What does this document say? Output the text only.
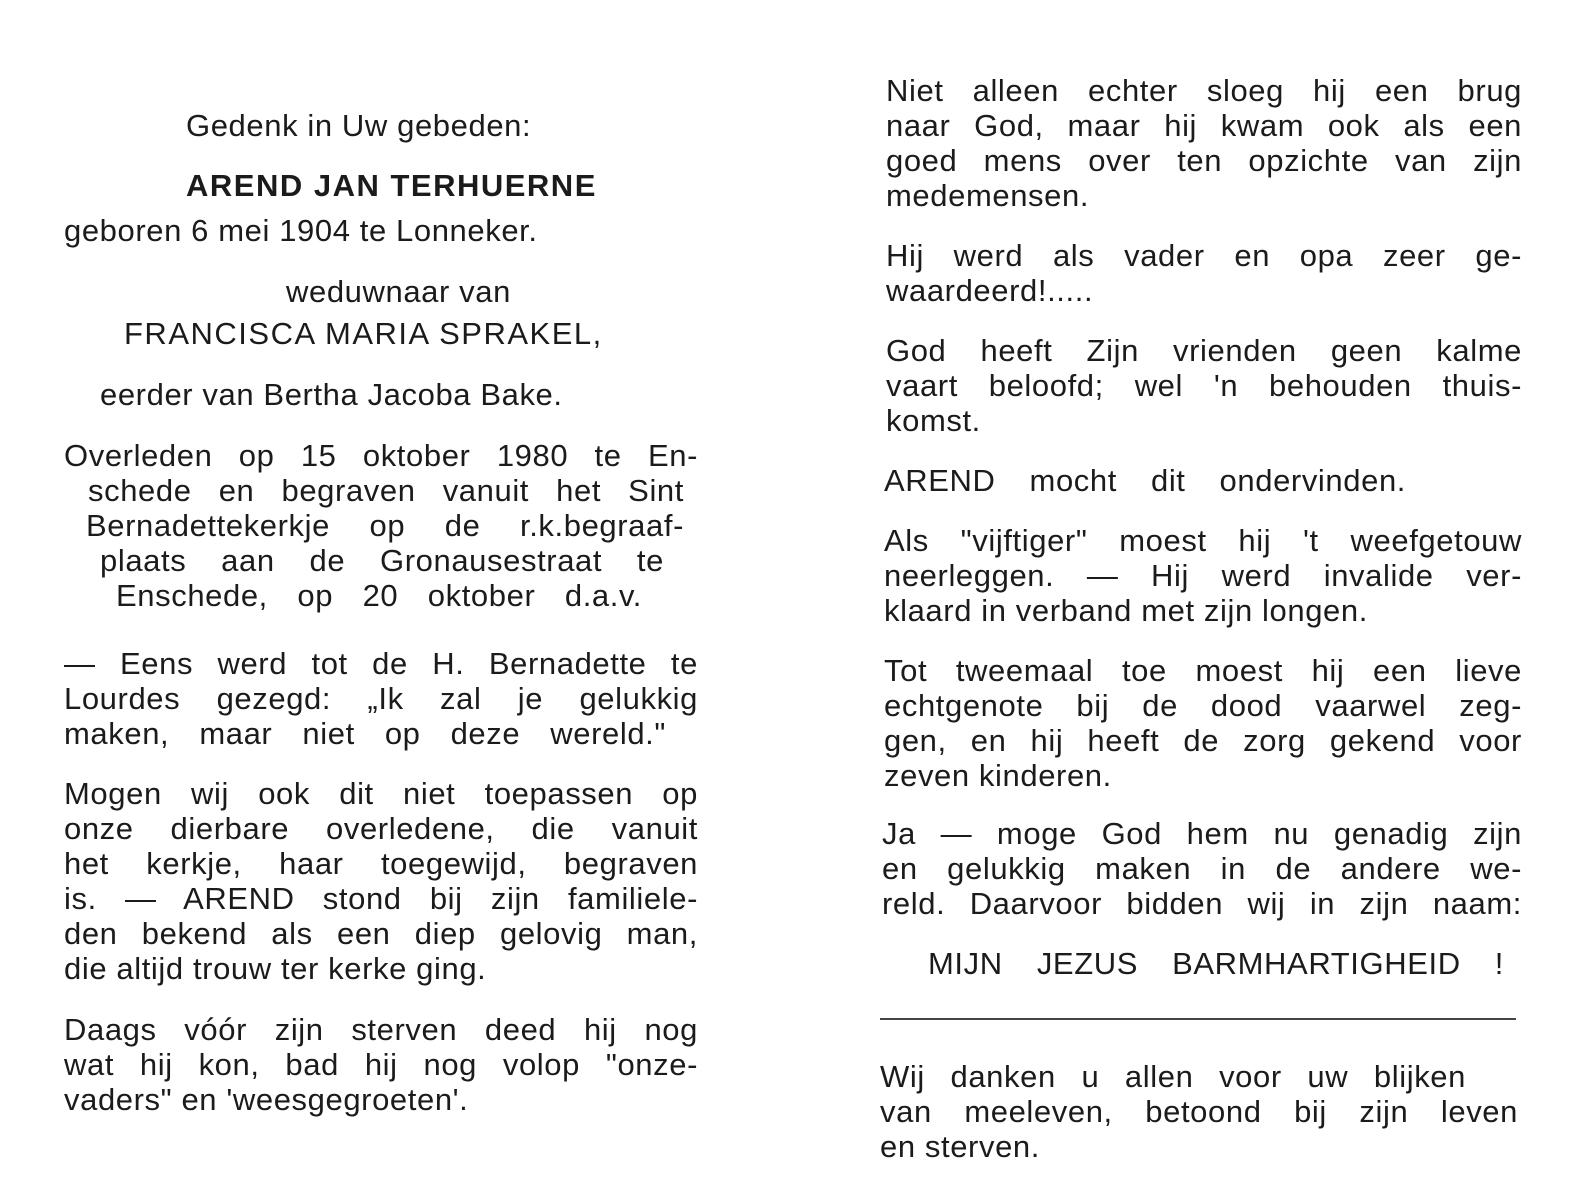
Gedenk in Uw gebeden:
AREND JAN TERHUERNE
geboren 6 mei 1904 te Lonneker.
weduwnaar van
FRANCISCA MARIA SPRAKEL,
eerder van Bertha Jacoba Bake.
Overleden op 15 oktober 1980 te En-
schede en begraven vanuit het Sint
Bernadettekerkje op de r.k.begraaf-
plaats aan de Gronausestraat te
Enschede, op 20 oktober d.a.v.
— Eens werd tot de H. Bernadette te
Lourdes gezegd: „Ik zal je gelukkig
maken, maar niet op deze wereld."
Mogen wij ook dit niet toepassen op
onze dierbare overledene, die vanuit
het kerkje, haar toegewijd, begraven
is. — AREND stond bij zijn familiele-
den bekend als een diep gelovig man,
die altijd trouw ter kerke ging.
Daags vóór zijn sterven deed hij nog
wat hij kon, bad hij nog volop "onze-
vaders" en 'weesgegroeten'.
Niet alleen echter sloeg hij een brug
naar God, maar hij kwam ook als een
goed mens over ten opzichte van zijn
medemensen.
Hij werd als vader en opa zeer ge-
waardeerd!.....
God heeft Zijn vrienden geen kalme
vaart beloofd; wel 'n behouden thuis-
komst.
AREND mocht dit ondervinden.
Als "vijftiger" moest hij 't weefgetouw
neerleggen. — Hij werd invalide ver-
klaard in verband met zijn longen.
Tot tweemaal toe moest hij een lieve
echtgenote bij de dood vaarwel zeg-
gen, en hij heeft de zorg gekend voor
zeven kinderen.
Ja — moge God hem nu genadig zijn
en gelukkig maken in de andere we-
reld. Daarvoor bidden wij in zijn naam:
MIJN JEZUS BARMHARTIGHEID !
Wij danken u allen voor uw blijken
van meeleven, betoond bij zijn leven
en sterven.
